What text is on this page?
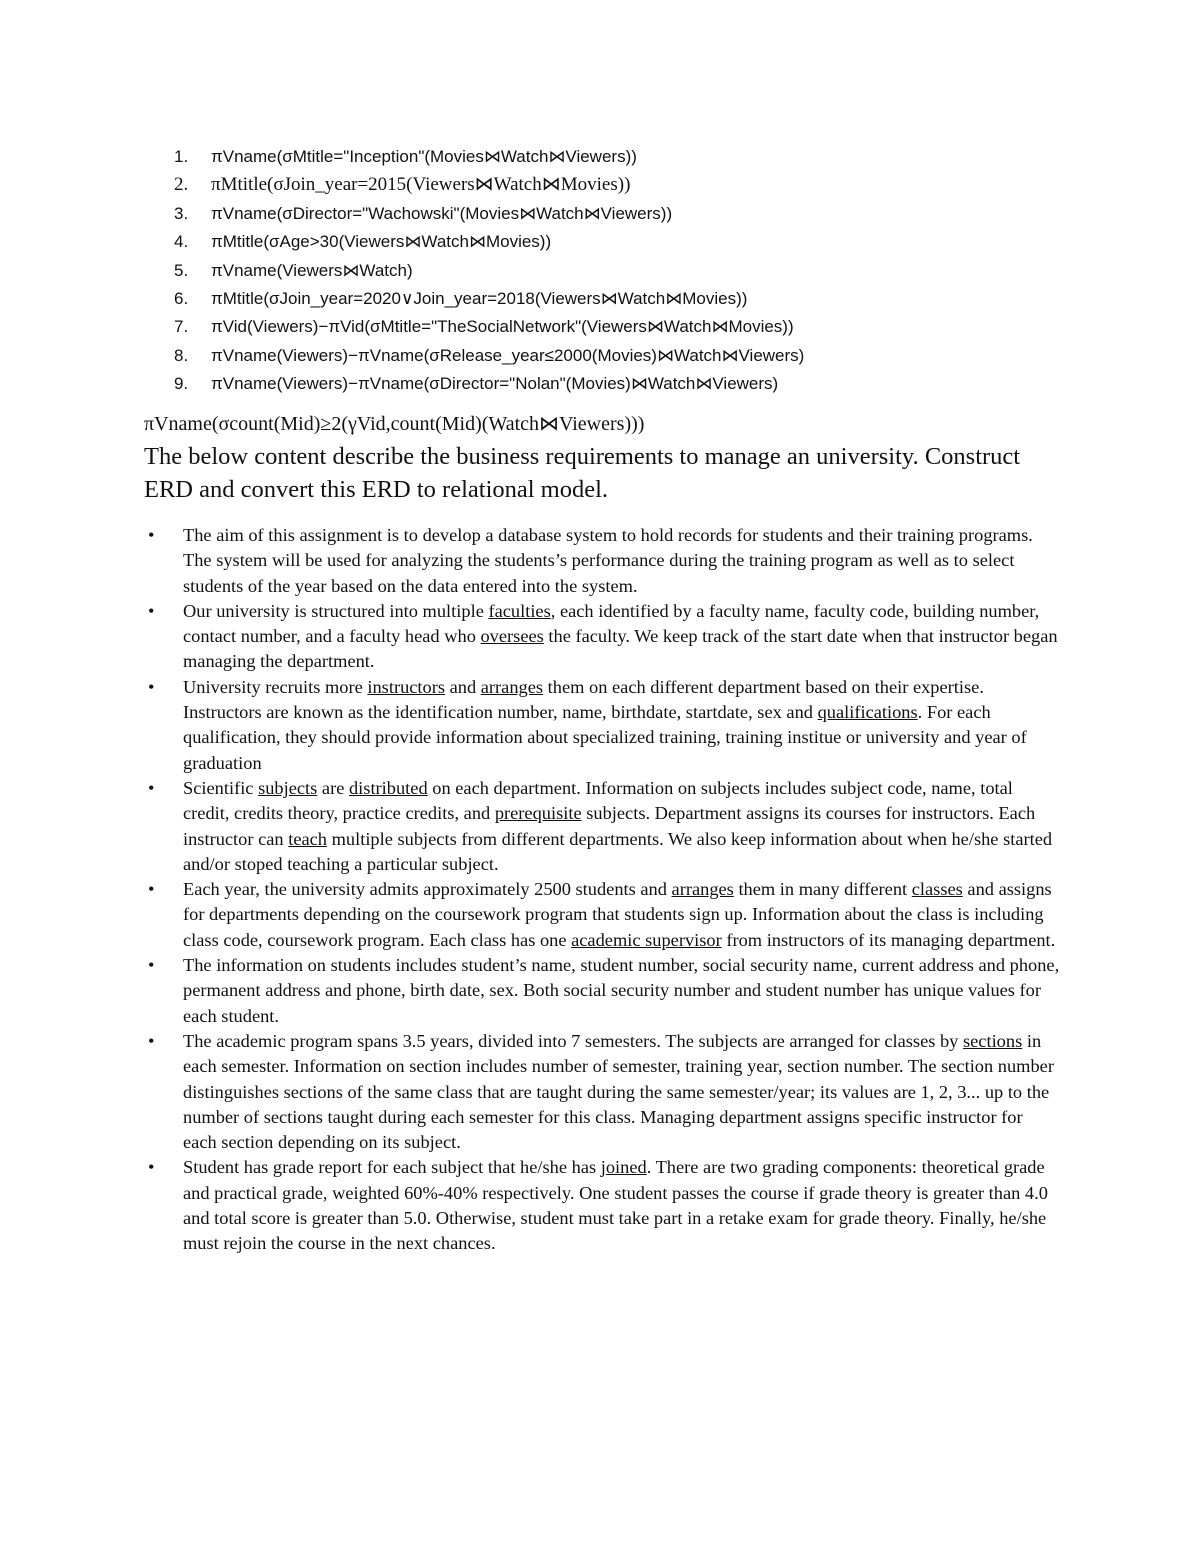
1. πVname(σMtitle="Inception"(Movies⋈Watch⋈Viewers))
2. πMtitle(σJoin_year=2015(Viewers⋈Watch⋈Movies))
3. πVname(σDirector="Wachowski"(Movies⋈Watch⋈Viewers))
4. πMtitle(σAge>30(Viewers⋈Watch⋈Movies))
5. πVname(Viewers⋈Watch)
6. πMtitle(σJoin_year=2020∨Join_year=2018(Viewers⋈Watch⋈Movies))
7. πVid(Viewers)−πVid(σMtitle="TheSocialNetwork"(Viewers⋈Watch⋈Movies))
8. πVname(Viewers)−πVname(σRelease_year≤2000(Movies)⋈Watch⋈Viewers)
9. πVname(Viewers)−πVname(σDirector="Nolan"(Movies)⋈Watch⋈Viewers)
πVname(σcount(Mid)≥2(γVid,count(Mid)(Watch⋈Viewers)))
The below content describe the business requirements to manage an university. Construct ERD and convert this ERD to relational model.
• The aim of this assignment is to develop a database system to hold records for students and their training programs. The system will be used for analyzing the students’s performance during the training program as well as to select students of the year based on the data entered into the system.
• Our university is structured into multiple faculties, each identified by a faculty name, faculty code, building number, contact number, and a faculty head who oversees the faculty. We keep track of the start date when that instructor began managing the department.
• University recruits more instructors and arranges them on each different department based on their expertise. Instructors are known as the identification number, name, birthdate, startdate, sex and qualifications. For each qualification, they should provide information about specialized training, training institue or university and year of graduation
• Scientific subjects are distributed on each department. Information on subjects includes subject code, name, total credit, credits theory, practice credits, and prerequisite subjects. Department assigns its courses for instructors. Each instructor can teach multiple subjects from different departments. We also keep information about when he/she started and/or stoped teaching a particular subject.
• Each year, the university admits approximately 2500 students and arranges them in many different classes and assigns for departments depending on the coursework program that students sign up. Information about the class is including class code, coursework program. Each class has one academic supervisor from instructors of its managing department.
• The information on students includes student’s name, student number, social security name, current address and phone, permanent address and phone, birth date, sex. Both social security number and student number has unique values for each student.
• The academic program spans 3.5 years, divided into 7 semesters. The subjects are arranged for classes by sections in each semester. Information on section includes number of semester, training year, section number. The section number distinguishes sections of the same class that are taught during the same semester/year; its values are 1, 2, 3... up to the number of sections taught during each semester for this class. Managing department assigns specific instructor for each section depending on its subject.
• Student has grade report for each subject that he/she has joined. There are two grading components: theoretical grade and practical grade, weighted 60%-40% respectively. One student passes the course if grade theory is greater than 4.0 and total score is greater than 5.0. Otherwise, student must take part in a retake exam for grade theory. Finally, he/she must rejoin the course in the next chances.
